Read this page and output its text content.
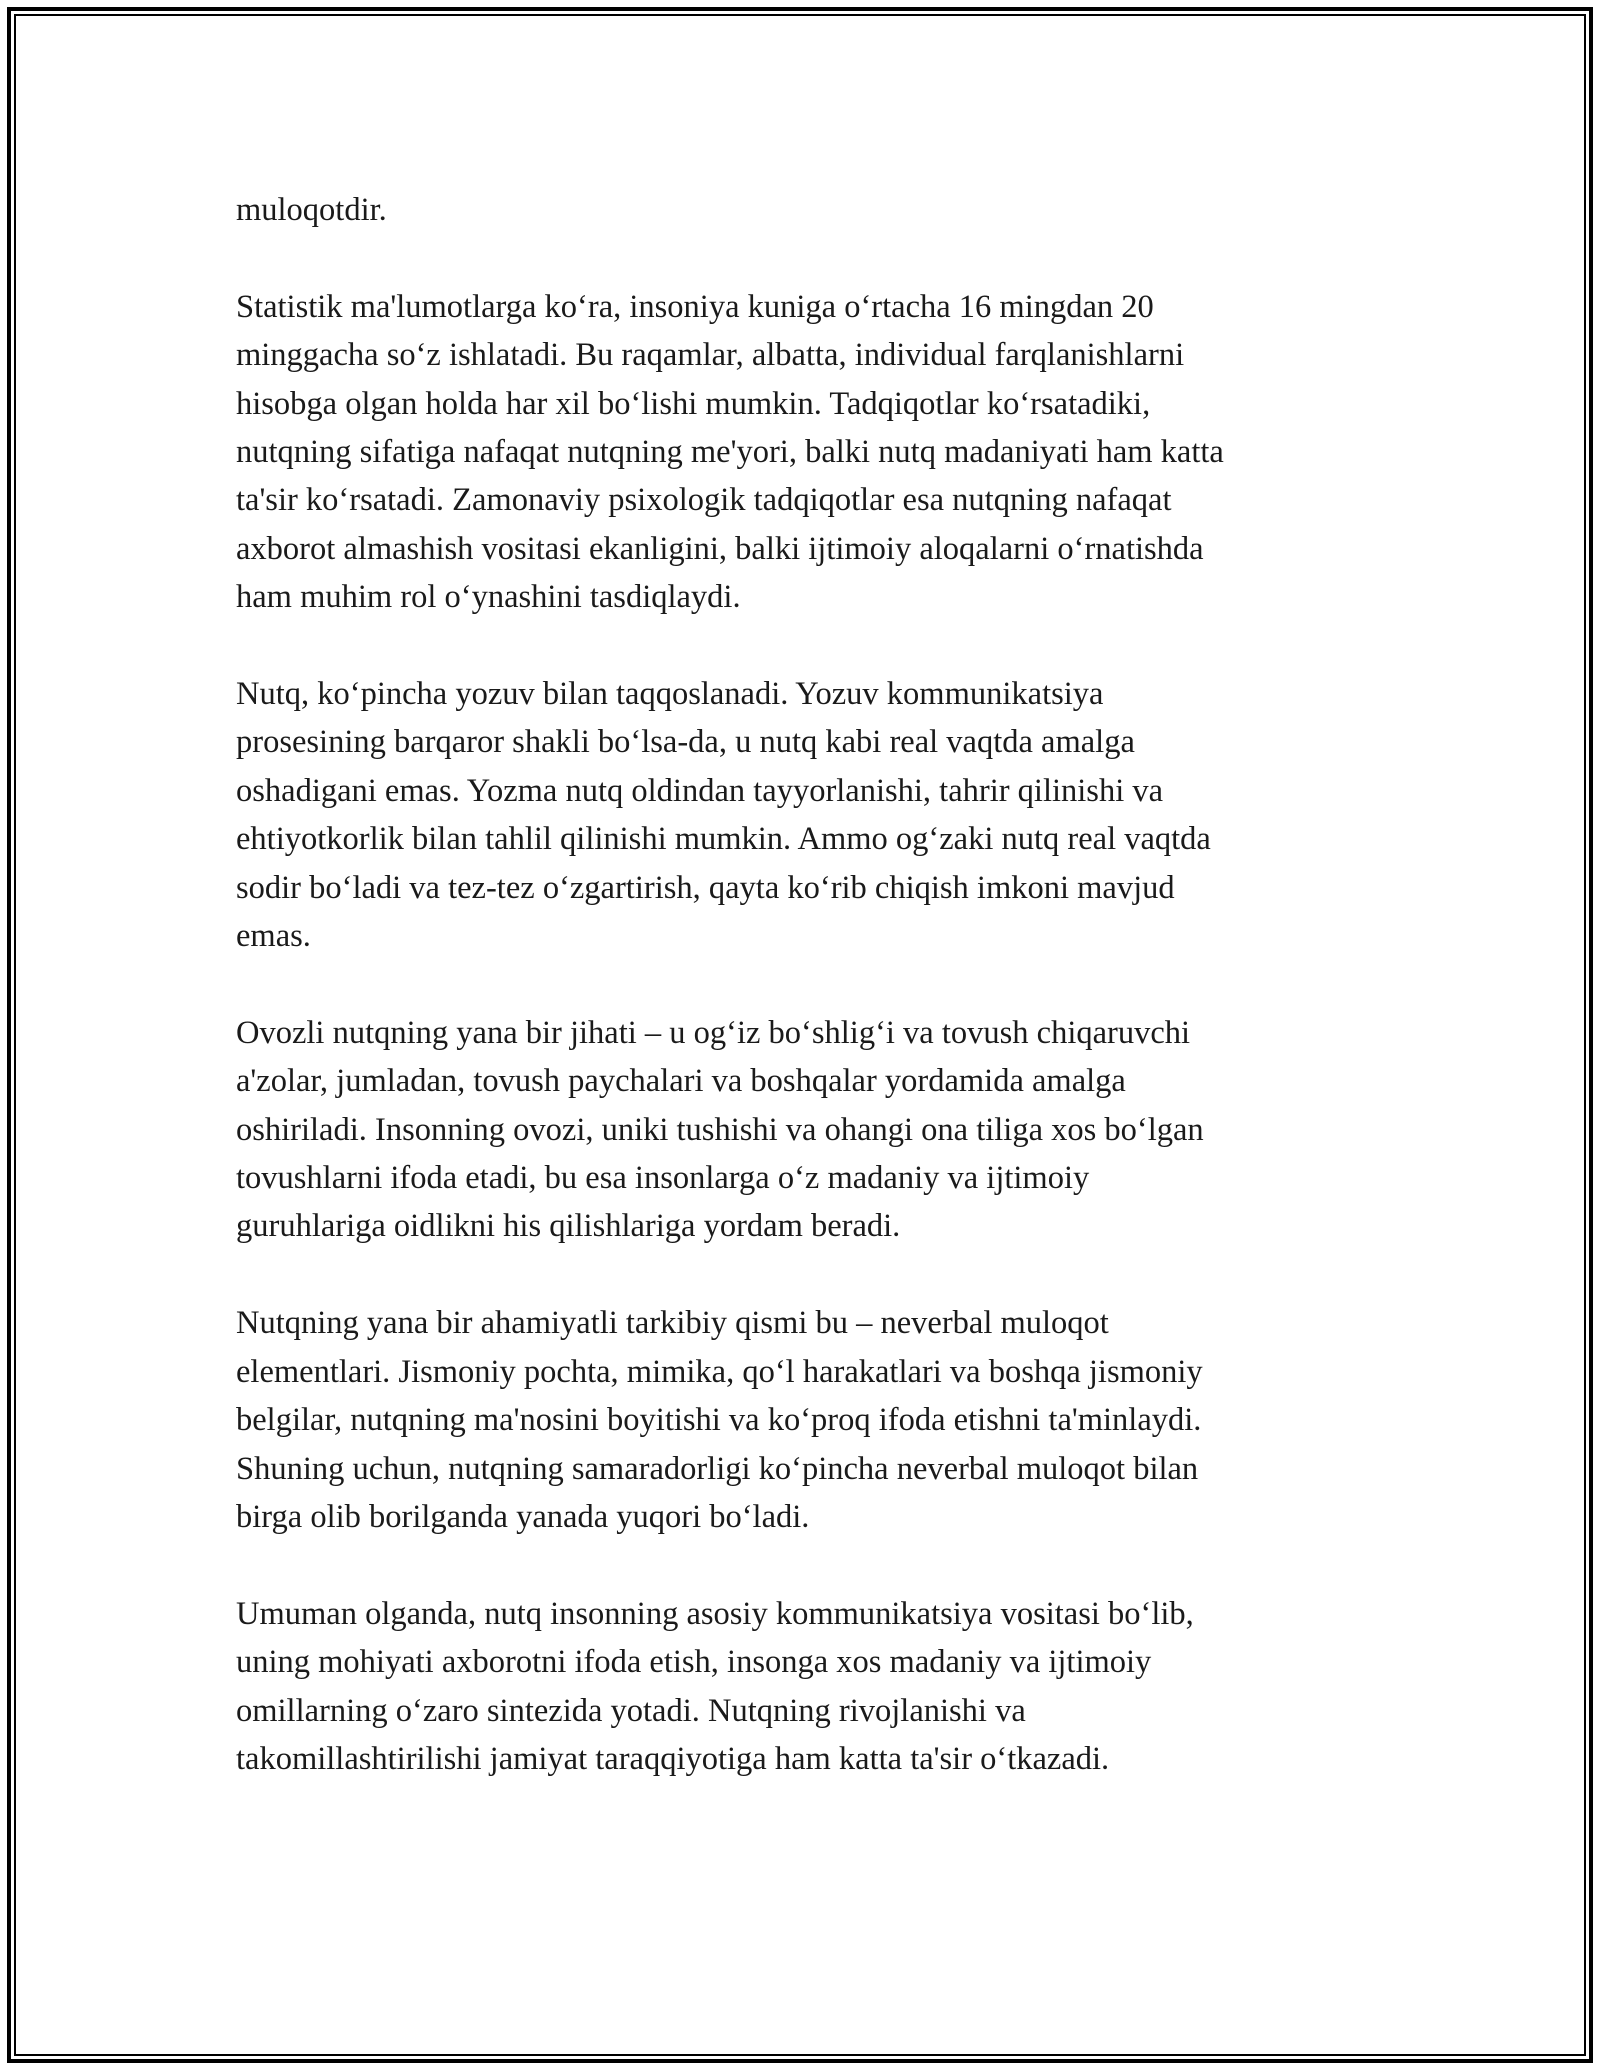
muloqotdir.

Statistik ma'lumotlarga ko‘ra, insoniya kuniga o‘rtacha 16 mingdan 20
minggacha so‘z ishlatadi. Bu raqamlar, albatta, individual farqlanishlarni
hisobga olgan holda har xil bo‘lishi mumkin. Tadqiqotlar ko‘rsatadiki,
nutqning sifatiga nafaqat nutqning me'yori, balki nutq madaniyati ham katta
ta'sir ko‘rsatadi. Zamonaviy psixologik tadqiqotlar esa nutqning nafaqat
axborot almashish vositasi ekanligini, balki ijtimoiy aloqalarni o‘rnatishda
ham muhim rol o‘ynashini tasdiqlaydi.

Nutq, ko‘pincha yozuv bilan taqqoslanadi. Yozuv kommunikatsiya
prosesining barqaror shakli bo‘lsa-da, u nutq kabi real vaqtda amalga
oshadigani emas. Yozma nutq oldindan tayyorlanishi, tahrir qilinishi va
ehtiyotkorlik bilan tahlil qilinishi mumkin. Ammo og‘zaki nutq real vaqtda
sodir bo‘ladi va tez-tez o‘zgartirish, qayta ko‘rib chiqish imkoni mavjud
emas.

Ovozli nutqning yana bir jihati – u og‘iz bo‘shlig‘i va tovush chiqaruvchi
a'zolar, jumladan, tovush paychalari va boshqalar yordamida amalga
oshiriladi. Insonning ovozi, uniki tushishi va ohangi ona tiliga xos bo‘lgan
tovushlarni ifoda etadi, bu esa insonlarga o‘z madaniy va ijtimoiy
guruhlariga oidlikni his qilishlariga yordam beradi.

Nutqning yana bir ahamiyatli tarkibiy qismi bu – neverbal muloqot
elementlari. Jismoniy pochta, mimika, qo‘l harakatlari va boshqa jismoniy
belgilar, nutqning ma'nosini boyitishi va ko‘proq ifoda etishni ta'minlaydi.
Shuning uchun, nutqning samaradorligi ko‘pincha neverbal muloqot bilan
birga olib borilganda yanada yuqori bo‘ladi.

Umuman olganda, nutq insonning asosiy kommunikatsiya vositasi bo‘lib,
uning mohiyati axborotni ifoda etish, insonga xos madaniy va ijtimoiy
omillarning o‘zaro sintezida yotadi. Nutqning rivojlanishi va
takomillashtirilishi jamiyat taraqqiyotiga ham katta ta'sir o‘tkazadi.
